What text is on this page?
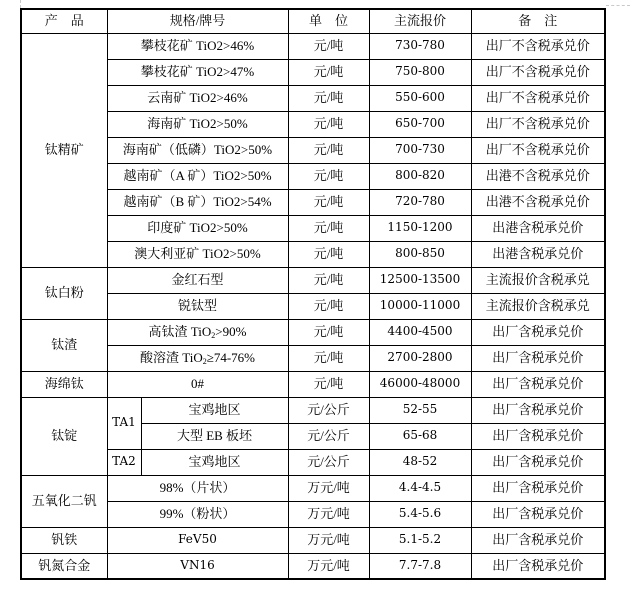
产　品	规格/牌号		单　位	主流报价	备　注
钛精矿	攀枝花矿 TiO2>46%		元/吨	730-780	出厂不含税承兑价
	攀枝花矿 TiO2>47%		元/吨	750-800	出厂不含税承兑价
	云南矿 TiO2>46%		元/吨	550-600	出厂不含税承兑价
	海南矿 TiO2>50%		元/吨	650-700	出厂不含税承兑价
	海南矿（低磷）TiO2>50%		元/吨	700-730	出厂不含税承兑价
	越南矿（A 矿）TiO2>50%		元/吨	800-820	出港不含税承兑价
	越南矿（B 矿）TiO2>54%		元/吨	720-780	出港不含税承兑价
	印度矿 TiO2>50%		元/吨	1150-1200	出港含税承兑价
	澳大利亚矿 TiO2>50%		元/吨	800-850	出港含税承兑价
钛白粉	金红石型		元/吨	12500-13500	主流报价含税承兑
	锐钛型		元/吨	10000-11000	主流报价含税承兑
钛渣	高钛渣 TiO$_2$>90%		元/吨	4400-4500	出厂含税承兑价
	酸溶渣 TiO$_2$≥74-76%		元/吨	2700-2800	出厂含税承兑价
海绵钛	0#		元/吨	46000-48000	出厂含税承兑价
钛锭	TA1	宝鸡地区	元/公斤	52-55	出厂含税承兑价
		大型 EB 板坯	元/公斤	65-68	出厂含税承兑价
	TA2	宝鸡地区	元/公斤	48-52	出厂含税承兑价
五氧化二钒	98%（片状）		万元/吨	4.4-4.5	出厂含税承兑价
	99%（粉状）		万元/吨	5.4-5.6	出厂含税承兑价
钒铁	FeV50		万元/吨	5.1-5.2	出厂含税承兑价
钒氮合金	VN16		万元/吨	7.7-7.8	出厂含税承兑价
